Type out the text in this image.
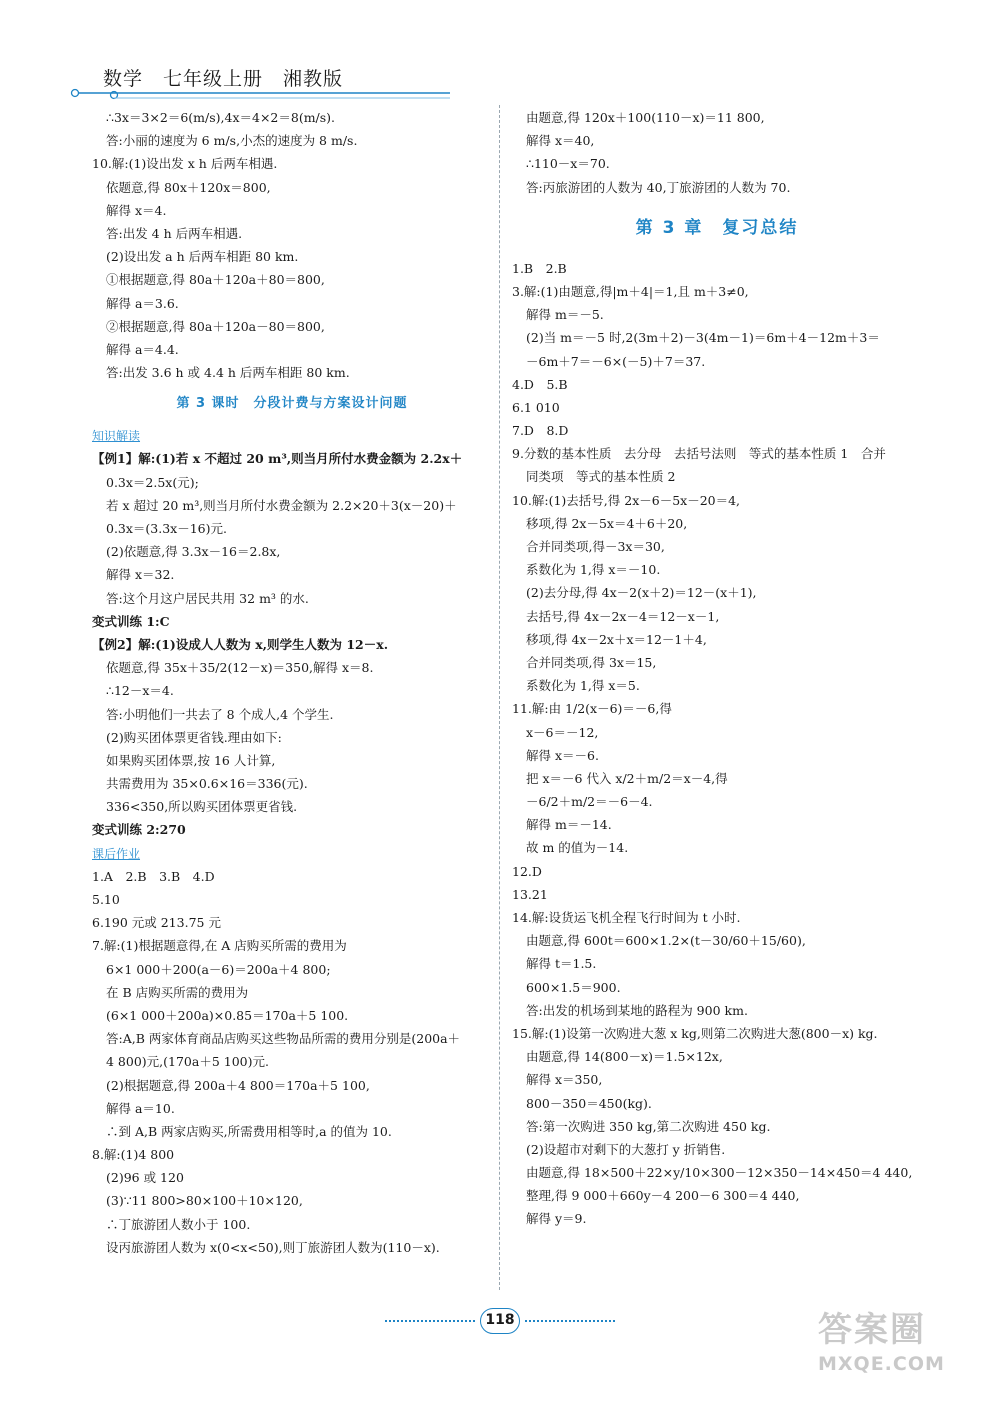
数学　七年级上册　湘教版
∴3x＝3×2＝6(m/s),4x＝4×2＝8(m/s).
答:小丽的速度为 6 m/s,小杰的速度为 8 m/s.
10.解:(1)设出发 x h 后两车相遇.
依题意,得 80x＋120x＝800,
解得 x＝4.
答:出发 4 h 后两车相遇.
(2)设出发 a h 后两车相距 80 km.
①根据题意,得 80a＋120a＋80＝800,
解得 a＝3.6.
②根据题意,得 80a＋120a－80＝800,
解得 a＝4.4.
答:出发 3.6 h 或 4.4 h 后两车相距 80 km.
第 3 课时　分段计费与方案设计问题
知识解读
【例1】解:(1)若 x 不超过 20 m³,则当月所付水费金额为 2.2x＋
0.3x＝2.5x(元);
若 x 超过 20 m³,则当月所付水费金额为 2.2×20＋3(x－20)＋
0.3x＝(3.3x－16)元.
(2)依题意,得 3.3x－16＝2.8x,
解得 x＝32.
答:这个月这户居民共用 32 m³ 的水.
变式训练 1:C
【例2】解:(1)设成人人数为 x,则学生人数为 12－x.
依题意,得 35x＋35/2(12－x)＝350,解得 x＝8.
∴12－x＝4.
答:小明他们一共去了 8 个成人,4 个学生.
(2)购买团体票更省钱.理由如下:
如果购买团体票,按 16 人计算,
共需费用为 35×0.6×16＝336(元).
336<350,所以购买团体票更省钱.
变式训练 2:270
课后作业
1.A　2.B　3.B　4.D
5.10
6.190 元或 213.75 元
7.解:(1)根据题意得,在 A 店购买所需的费用为
6×1 000＋200(a－6)＝200a＋4 800;
在 B 店购买所需的费用为
(6×1 000＋200a)×0.85＝170a＋5 100.
答:A,B 两家体育商品店购买这些物品所需的费用分别是(200a＋
4 800)元,(170a＋5 100)元.
(2)根据题意,得 200a＋4 800＝170a＋5 100,
解得 a＝10.
∴到 A,B 两家店购买,所需费用相等时,a 的值为 10.
8.解:(1)4 800
(2)96 或 120
(3)∵11 800>80×100＋10×120,
∴丁旅游团人数小于 100.
设丙旅游团人数为 x(0<x<50),则丁旅游团人数为(110－x).
由题意,得 120x＋100(110－x)＝11 800,
解得 x＝40,
∴110－x＝70.
答:丙旅游团的人数为 40,丁旅游团的人数为 70.
第 3 章　复习总结
1.B　2.B
3.解:(1)由题意,得|m＋4|＝1,且 m＋3≠0,
解得 m＝－5.
(2)当 m＝－5 时,2(3m＋2)－3(4m－1)＝6m＋4－12m＋3＝
－6m＋7＝－6×(－5)＋7＝37.
4.D　5.B
6.1 010
7.D　8.D
9.分数的基本性质　去分母　去括号法则　等式的基本性质 1　合并
同类项　等式的基本性质 2
10.解:(1)去括号,得 2x－6－5x－20＝4,
移项,得 2x－5x＝4＋6＋20,
合并同类项,得－3x＝30,
系数化为 1,得 x＝－10.
(2)去分母,得 4x－2(x＋2)＝12－(x＋1),
去括号,得 4x－2x－4＝12－x－1,
移项,得 4x－2x＋x＝12－1＋4,
合并同类项,得 3x＝15,
系数化为 1,得 x＝5.
11.解:由 1/2(x－6)＝－6,得
x－6＝－12,
解得 x＝－6.
把 x＝－6 代入 x/2＋m/2＝x－4,得
－6/2＋m/2＝－6－4.
解得 m＝－14.
故 m 的值为－14.
12.D
13.21
14.解:设货运飞机全程飞行时间为 t 小时.
由题意,得 600t＝600×1.2×(t－30/60＋15/60),
解得 t＝1.5.
600×1.5＝900.
答:出发的机场到某地的路程为 900 km.
15.解:(1)设第一次购进大葱 x kg,则第二次购进大葱(800－x) kg.
由题意,得 14(800－x)＝1.5×12x,
解得 x＝350,
800－350＝450(kg).
答:第一次购进 350 kg,第二次购进 450 kg.
(2)设超市对剩下的大葱打 y 折销售.
由题意,得 18×500＋22×y/10×300－12×350－14×450＝4 440,
整理,得 9 000＋660y－4 200－6 300＝4 440,
解得 y＝9.
118	答案圈
MXQE.COM
